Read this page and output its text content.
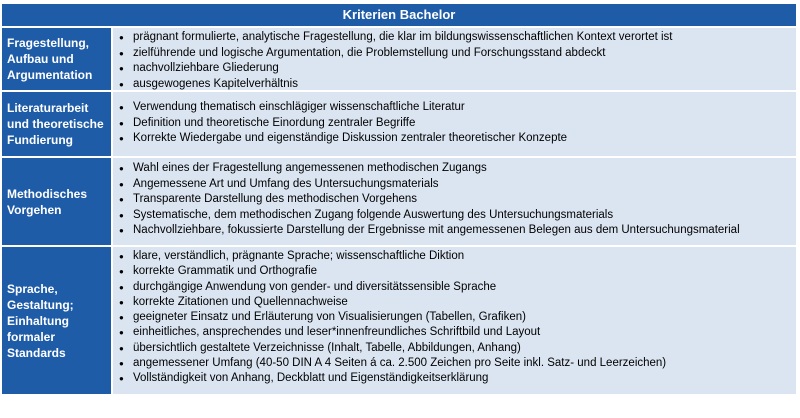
Kriterien Bachelor
Fragestellung,
Aufbau und
Argumentation
● prägnant formulierte, analytische Fragestellung, die klar im bildungswissenschaftlichen Kontext verortet ist
● zielführende und logische Argumentation, die Problemstellung und Forschungsstand abdeckt
● nachvollziehbare Gliederung
● ausgewogenes Kapitelverhältnis
Literaturarbeit
und theoretische
Fundierung
● Verwendung thematisch einschlägiger wissenschaftliche Literatur
● Definition und theoretische Einordung zentraler Begriffe
● Korrekte Wiedergabe und eigenständige Diskussion zentraler theoretischer Konzepte
Methodisches
Vorgehen
● Wahl eines der Fragestellung angemessenen methodischen Zugangs
● Angemessene Art und Umfang des Untersuchungsmaterials
● Transparente Darstellung des methodischen Vorgehens
● Systematische, dem methodischen Zugang folgende Auswertung des Untersuchungsmaterials
● Nachvollziehbare, fokussierte Darstellung der Ergebnisse mit angemessenen Belegen aus dem Untersuchungsmaterial
Sprache,
Gestaltung;
Einhaltung
formaler
Standards
● klare, verständlich, prägnante Sprache; wissenschaftliche Diktion
● korrekte Grammatik und Orthografie
● durchgängige Anwendung von gender- und diversitätssensible Sprache
● korrekte Zitationen und Quellennachweise
● geeigneter Einsatz und Erläuterung von Visualisierungen (Tabellen, Grafiken)
● einheitliches, ansprechendes und leser*innenfreundliches Schriftbild und Layout
● übersichtlich gestaltete Verzeichnisse (Inhalt, Tabelle, Abbildungen, Anhang)
● angemessener Umfang (40-50 DIN A 4 Seiten á ca. 2.500 Zeichen pro Seite inkl. Satz- und Leerzeichen)
● Vollständigkeit von Anhang, Deckblatt und Eigenständigkeitserklärung
